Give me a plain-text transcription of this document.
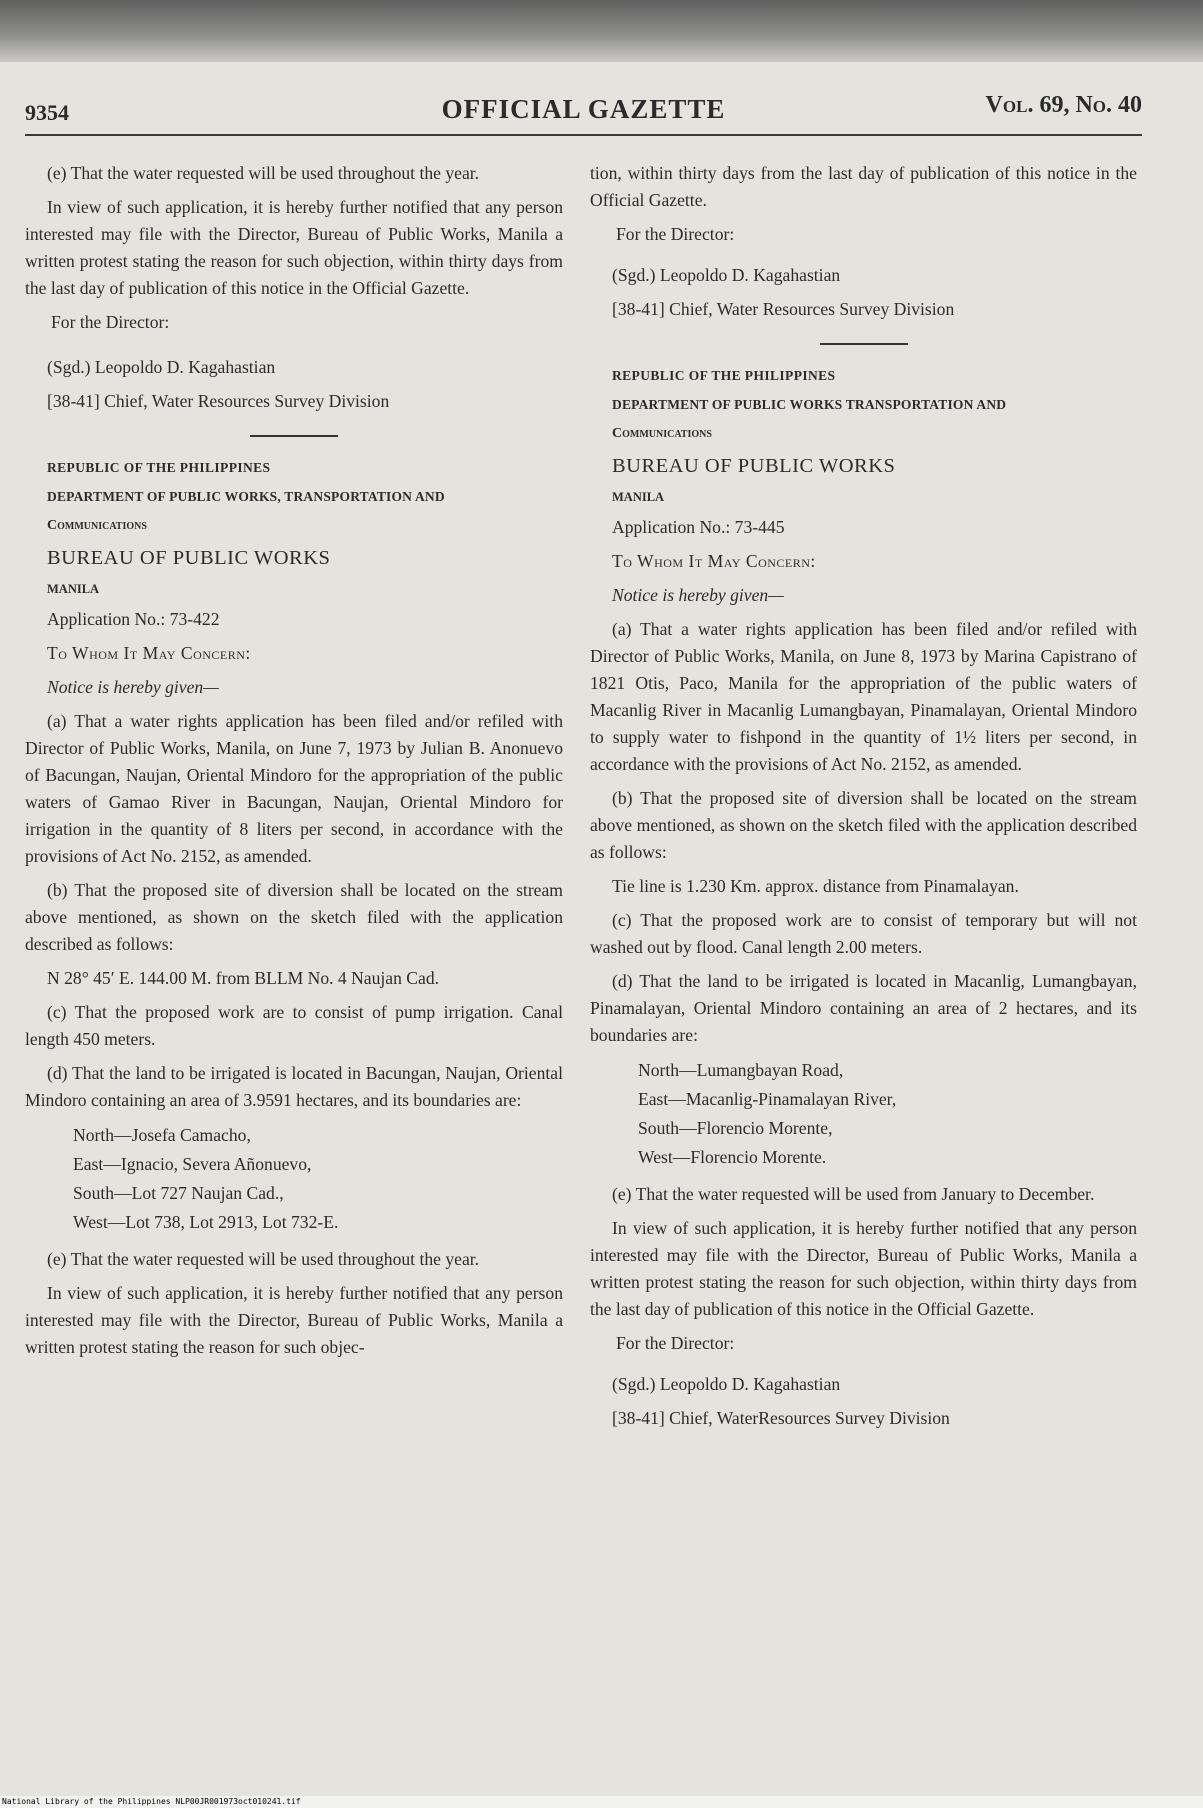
9354	OFFICIAL GAZETTE	Vol. 69, No. 40

(e) That the water requested will be used throughout the year.

In view of such application, it is hereby further notified that any person interested may file with the Director, Bureau of Public Works, Manila a written protest stating the reason for such objection, within thirty days from the last day of publication of this notice in the Official Gazette.

For the Director:

(Sgd.) Leopoldo D. Kagahastian

[38-41] Chief, Water Resources Survey Division

REPUBLIC OF THE PHILIPPINES

DEPARTMENT OF PUBLIC WORKS, TRANSPORTATION AND

Communications

BUREAU OF PUBLIC WORKS

MANILA

Application No.: 73-422

To Whom It May Concern:

Notice is hereby given—

(a) That a water rights application has been filed and/or refiled with Director of Public Works, Manila, on June 7, 1973 by Julian B. Anonuevo of Bacungan, Naujan, Oriental Mindoro for the appropriation of the public waters of Gamao River in Bacungan, Naujan, Oriental Mindoro for irrigation in the quantity of 8 liters per second, in accordance with the provisions of Act No. 2152, as amended.

(b) That the proposed site of diversion shall be located on the stream above mentioned, as shown on the sketch filed with the application described as follows:

N 28° 45′ E. 144.00 M. from BLLM No. 4 Naujan Cad.

(c) That the proposed work are to consist of pump irrigation. Canal length 450 meters.

(d) That the land to be irrigated is located in Bacungan, Naujan, Oriental Mindoro containing an area of 3.9591 hectares, and its boundaries are:

North—Josefa Camacho,
East—Ignacio, Severa Añonuevo,
South—Lot 727 Naujan Cad.,
West—Lot 738, Lot 2913, Lot 732-E.

(e) That the water requested will be used throughout the year.

In view of such application, it is hereby further notified that any person interested may file with the Director, Bureau of Public Works, Manila a written protest stating the reason for such objec-

tion, within thirty days from the last day of publication of this notice in the Official Gazette.

For the Director:

(Sgd.) Leopoldo D. Kagahastian

[38-41] Chief, Water Resources Survey Division

REPUBLIC OF THE PHILIPPINES

DEPARTMENT OF PUBLIC WORKS TRANSPORTATION AND

Communications

BUREAU OF PUBLIC WORKS

MANILA

Application No.: 73-445

To Whom It May Concern:

Notice is hereby given—

(a) That a water rights application has been filed and/or refiled with Director of Public Works, Manila, on June 8, 1973 by Marina Capistrano of 1821 Otis, Paco, Manila for the appropriation of the public waters of Macanlig River in Macanlig Lumangbayan, Pinamalayan, Oriental Mindoro to supply water to fishpond in the quantity of 1½ liters per second, in accordance with the provisions of Act No. 2152, as amended.

(b) That the proposed site of diversion shall be located on the stream above mentioned, as shown on the sketch filed with the application described as follows:

Tie line is 1.230 Km. approx. distance from Pinamalayan.

(c) That the proposed work are to consist of temporary but will not washed out by flood. Canal length 2.00 meters.

(d) That the land to be irrigated is located in Macanlig, Lumangbayan, Pinamalayan, Oriental Mindoro containing an area of 2 hectares, and its boundaries are:

North—Lumangbayan Road,
East—Macanlig-Pinamalayan River,
South—Florencio Morente,
West—Florencio Morente.

(e) That the water requested will be used from January to December.

In view of such application, it is hereby further notified that any person interested may file with the Director, Bureau of Public Works, Manila a written protest stating the reason for such objection, within thirty days from the last day of publication of this notice in the Official Gazette.

For the Director:

(Sgd.) Leopoldo D. Kagahastian

[38-41] Chief, WaterResources Survey Division

National Library of the Philippines NLP00JR001973oct010241.tif
